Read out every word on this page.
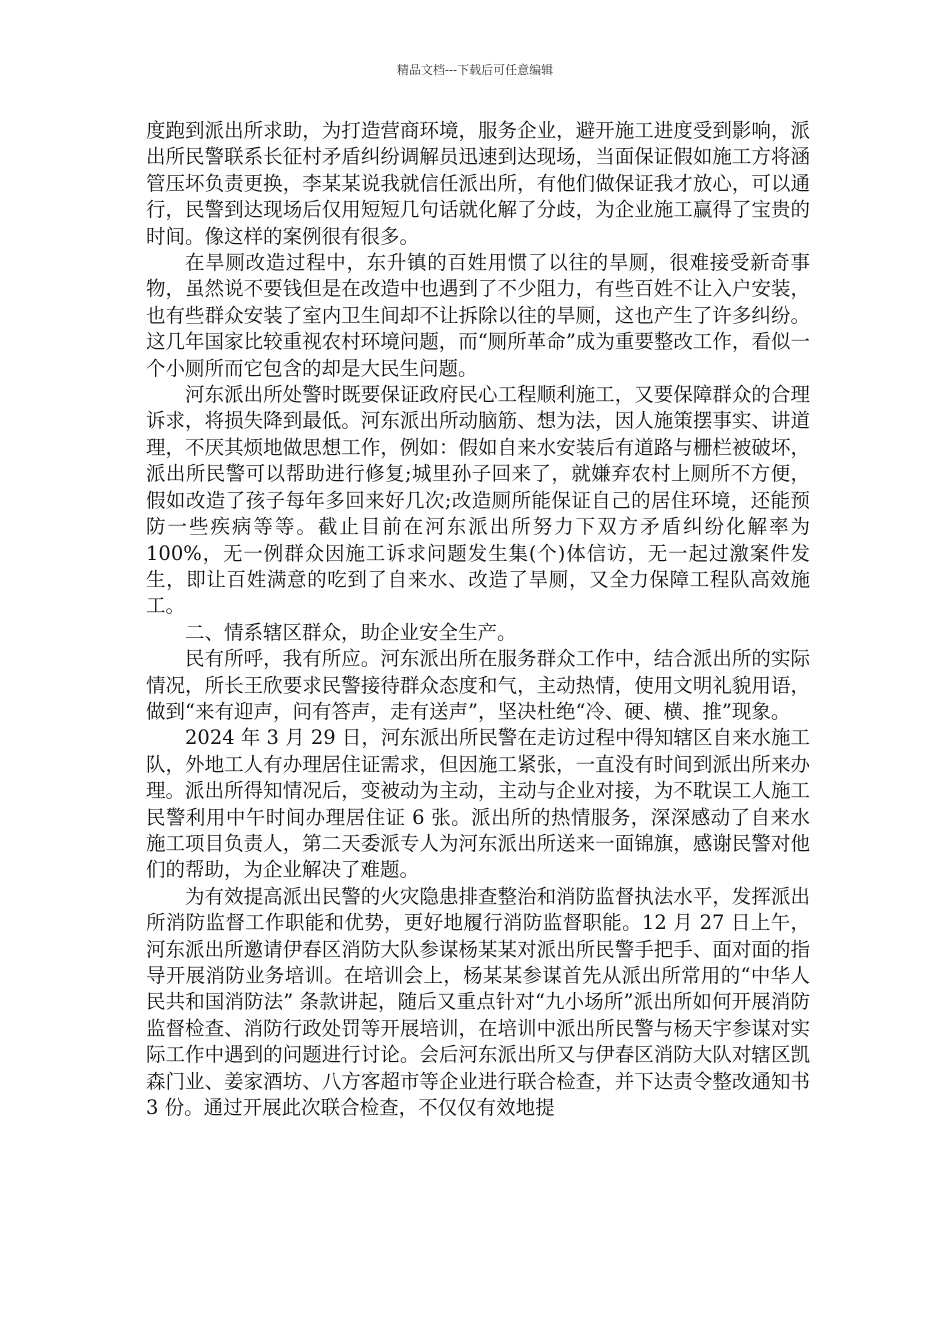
精品文档---下载后可任意编辑

度跑到派出所求助，为打造营商环境，服务企业，避开施工进度受到影响，派出所民警联系长征村矛盾纠纷调解员迅速到达现场，当面保证假如施工方将涵管压坏负责更换，李某某说我就信任派出所，有他们做保证我才放心，可以通行，民警到达现场后仅用短短几句话就化解了分歧，为企业施工赢得了宝贵的时间。像这样的案例很有很多。

在旱厕改造过程中，东升镇的百姓用惯了以往的旱厕，很难接受新奇事物，虽然说不要钱但是在改造中也遇到了不少阻力，有些百姓不让入户安装，也有些群众安装了室内卫生间却不让拆除以往的旱厕，这也产生了许多纠纷。这几年国家比较重视农村环境问题，而“厕所革命”成为重要整改工作，看似一个小厕所而它包含的却是大民生问题。

河东派出所处警时既要保证政府民心工程顺利施工，又要保障群众的合理诉求，将损失降到最低。河东派出所动脑筋、想为法，因人施策摆事实、讲道理，不厌其烦地做思想工作，例如：假如自来水安装后有道路与栅栏被破坏，派出所民警可以帮助进行修复;城里孙子回来了，就嫌弃农村上厕所不方便，假如改造了孩子每年多回来好几次;改造厕所能保证自己的居住环境，还能预防一些疾病等等。截止目前在河东派出所努力下双方矛盾纠纷化解率为 100%，无一例群众因施工诉求问题发生集(个)体信访，无一起过激案件发生，即让百姓满意的吃到了自来水、改造了旱厕，又全力保障工程队高效施工。

二、情系辖区群众，助企业安全生产。

民有所呼，我有所应。河东派出所在服务群众工作中，结合派出所的实际情况，所长王欣要求民警接待群众态度和气，主动热情，使用文明礼貌用语，做到“来有迎声，问有答声，走有送声”，坚决杜绝“冷、硬、横、推”现象。

2024 年 3 月 29 日，河东派出所民警在走访过程中得知辖区自来水施工队，外地工人有办理居住证需求，但因施工紧张，一直没有时间到派出所来办理。派出所得知情况后，变被动为主动，主动与企业对接，为不耽误工人施工民警利用中午时间办理居住证 6 张。派出所的热情服务，深深感动了自来水施工项目负责人，第二天委派专人为河东派出所送来一面锦旗，感谢民警对他们的帮助，为企业解决了难题。

为有效提高派出民警的火灾隐患排查整治和消防监督执法水平，发挥派出所消防监督工作职能和优势，更好地履行消防监督职能。12 月 27 日上午，河东派出所邀请伊春区消防大队参谋杨某某对派出所民警手把手、面对面的指导开展消防业务培训。在培训会上，杨某某参谋首先从派出所常用的“中华人民共和国消防法” 条款讲起，随后又重点针对“九小场所”派出所如何开展消防监督检查、消防行政处罚等开展培训，在培训中派出所民警与杨天宇参谋对实际工作中遇到的问题进行讨论。会后河东派出所又与伊春区消防大队对辖区凯森门业、姜家酒坊、八方客超市等企业进行联合检查，并下达责令整改通知书 3 份。通过开展此次联合检查，不仅仅有效地提
